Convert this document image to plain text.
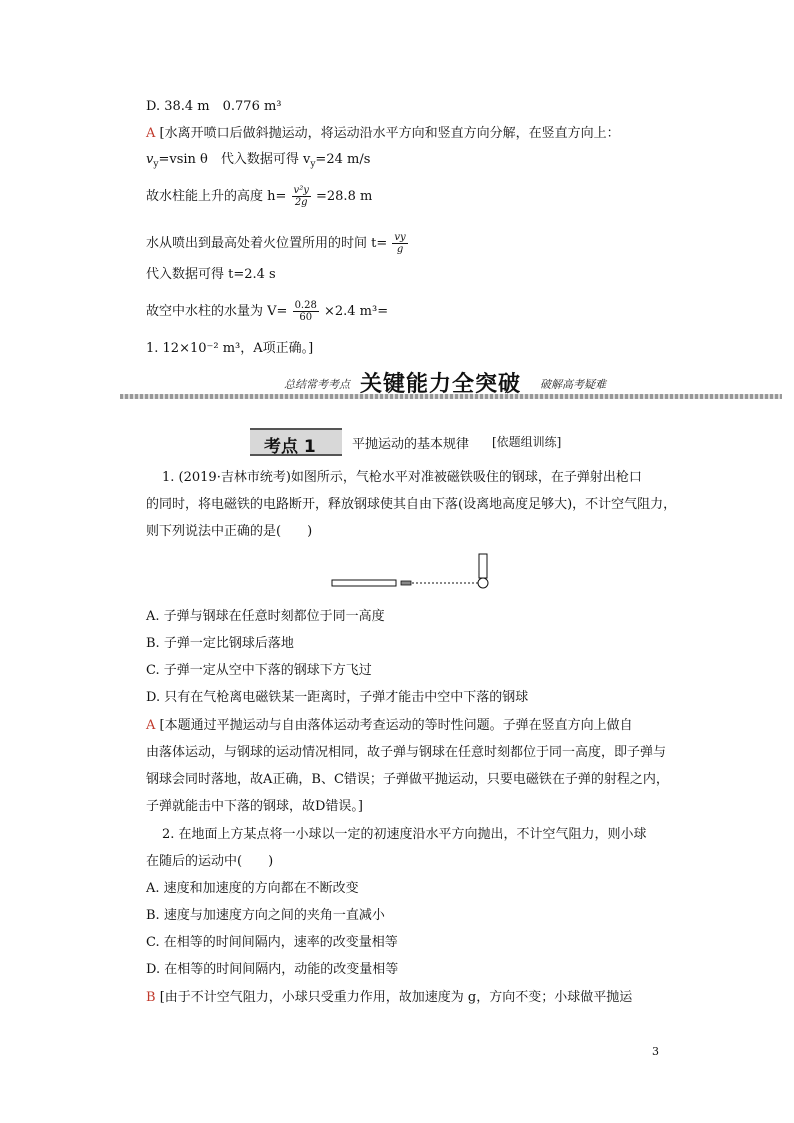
D. 38.4 m　0.776 m³
A [水离开喷口后做斜抛运动，将运动沿水平方向和竖直方向分解，在竖直方向上：
$v_y=vsin$ θ　代入数据可得 $v_y=24$ m/s
故水柱能上升的高度 $h= \frac{\text{v²y}}{2g} =28.8$ m
水从喷出到最高处着火位置所用的时间 $t= \frac{vy}{g}$
代入数据可得 t=2.4 s
故空中水柱的水量为 $V= \frac{0.28}{60} \times 2.4$ m³=
1. 12×10⁻² m³，A项正确。]
总结常考考点 关键能力全突破 破解高考疑难
考点 1	平抛运动的基本规律 [依题组训练]
1. (2019·吉林市统考)如图所示，气枪水平对准被磁铁吸住的钢球，在子弹射出枪口
的同时，将电磁铁的电路断开，释放钢球使其自由下落(设离地高度足够大)，不计空气阻力，
则下列说法中正确的是(　　)
A. 子弹与钢球在任意时刻都位于同一高度
B. 子弹一定比钢球后落地
C. 子弹一定从空中下落的钢球下方飞过
D. 只有在气枪离电磁铁某一距离时，子弹才能击中空中下落的钢球
A [本题通过平抛运动与自由落体运动考查运动的等时性问题。子弹在竖直方向上做自
由落体运动，与钢球的运动情况相同，故子弹与钢球在任意时刻都位于同一高度，即子弹与
钢球会同时落地，故A正确，B、C错误；子弹做平抛运动，只要电磁铁在子弹的射程之内，
子弹就能击中下落的钢球，故D错误。]
2. 在地面上方某点将一小球以一定的初速度沿水平方向抛出，不计空气阻力，则小球
在随后的运动中(　　)
A. 速度和加速度的方向都在不断改变
B. 速度与加速度方向之间的夹角一直减小
C. 在相等的时间间隔内，速率的改变量相等
D. 在相等的时间间隔内，动能的改变量相等
B [由于不计空气阻力，小球只受重力作用，故加速度为 g，方向不变；小球做平抛运
3
